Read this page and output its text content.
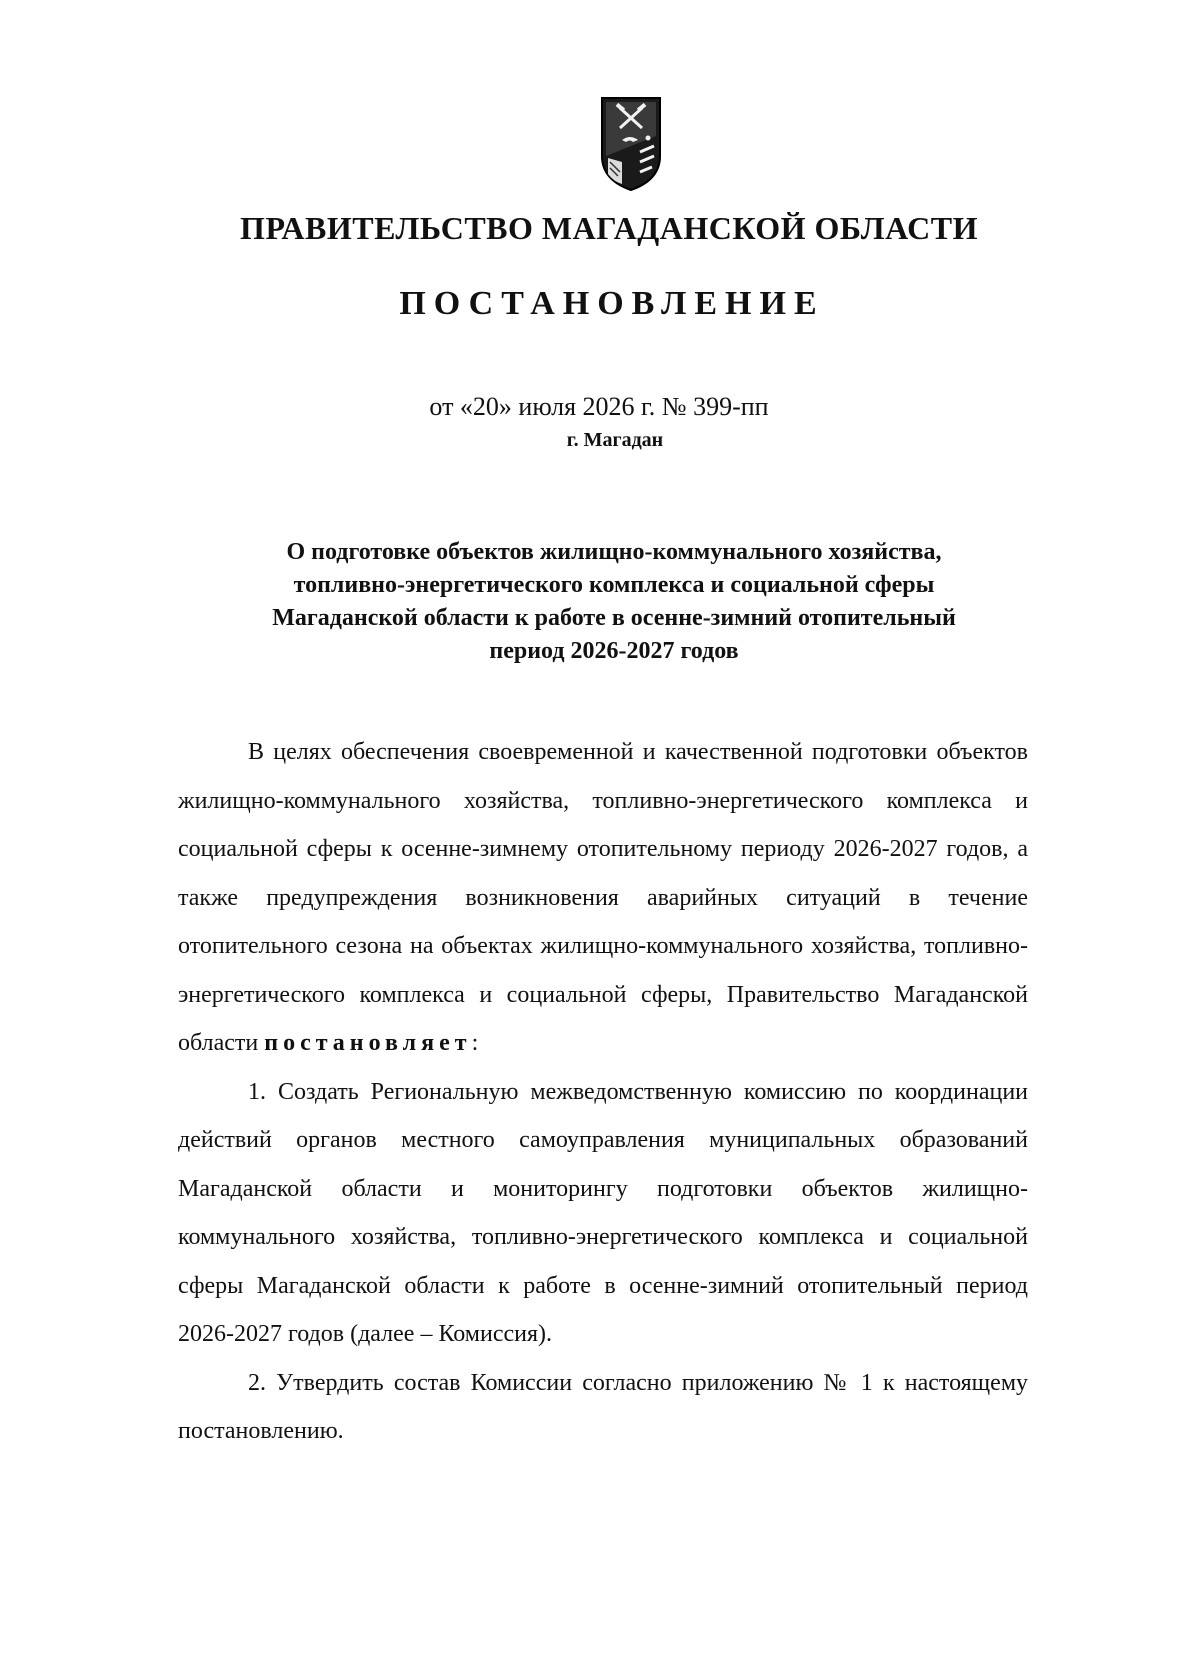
ПРАВИТЕЛЬСТВО МАГАДАНСКОЙ ОБЛАСТИ
ПОСТАНОВЛЕНИЕ
от «20» июля 2026 г. № 399-пп
г. Магадан
О подготовке объектов жилищно-коммунального хозяйства,
топливно-энергетического комплекса и социальной сферы
Магаданской области к работе в осенне-зимний отопительный
период 2026-2027 годов

В целях обеспечения своевременной и качественной подготовки объектов жилищно-коммунального хозяйства, топливно-энергетического комплекса и социальной сферы к осенне-зимнему отопительному периоду 2026-2027 годов, а также предупреждения возникновения аварийных ситуаций в течение отопительного сезона на объектах жилищно-коммунального хозяйства, топливно-энергетического комплекса и социальной сферы, Правительство Магаданской области постановляет:

1. Создать Региональную межведомственную комиссию по координации действий органов местного самоуправления муниципальных образований Магаданской области и мониторингу подготовки объектов жилищно-коммунального хозяйства, топливно-энергетического комплекса и социальной сферы Магаданской области к работе в осенне-зимний отопительный период 2026-2027 годов (далее – Комиссия).

2. Утвердить состав Комиссии согласно приложению № 1 к настоящему постановлению.
